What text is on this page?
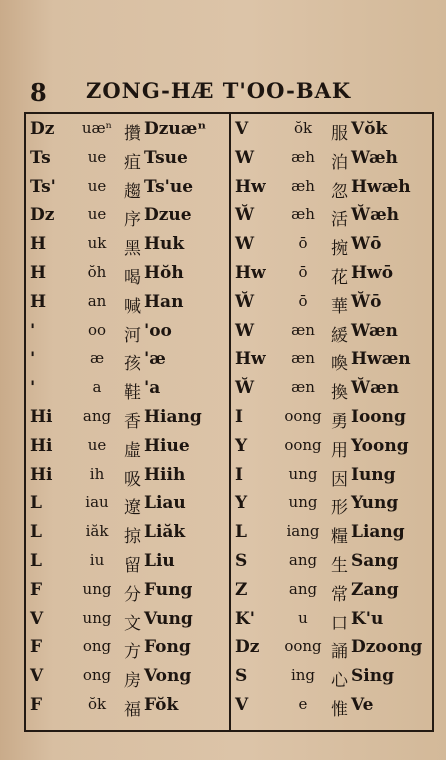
8 ZONG-HÆ T'OO-BAK
Dz	uæⁿ 攢 Dzuæⁿ
Ts	ue	疽 Tsue
Ts'	ue	趨 Ts'ue
Dz	ue	序 Dzue
H	uk	黑 Huk
H	ŏh	喝 Hŏh
H	an	喊 Han
'	oo	河 'oo
'	æ	孩 'æ
'	a	鞋 'a
Hi	ang 香 Hiang
Hi	ue	虛 Hiue
Hi	ih	吸 Hiih
L	iau 遼 Liau
L	iăk 掠 Liăk
L	iu	留 Liu
F	ung 分 Fung
V	ung 文 Vung
F	ong 方 Fong
V	ong 房 Vong
F	ŏk	福 Fŏk
V	ŏk	服 Vŏk
W	æh 泊 Wæh
Hw	æh 忽 Hwæh
W̆	æh 活 W̆æh
W	ō	捥 Wō
Hw	ō	花 Hwō
W̆	ō	華 W̆ō
W	æn 緩 Wæn
Hw	æn 喚 Hwæn
W̆	æn 換 W̆æn
I	oong 勇 Ioong
Y	oong 用 Yoong
I	ung 因 Iung
Y	ung 形 Yung
L	iang 糧 Liang
S	ang 生 Sang
Z	ang 常 Zang
K'	u	口 K'u
Dz	oong 誦 Dzoong
S	ing 心 Sing
V	e	惟 Ve
